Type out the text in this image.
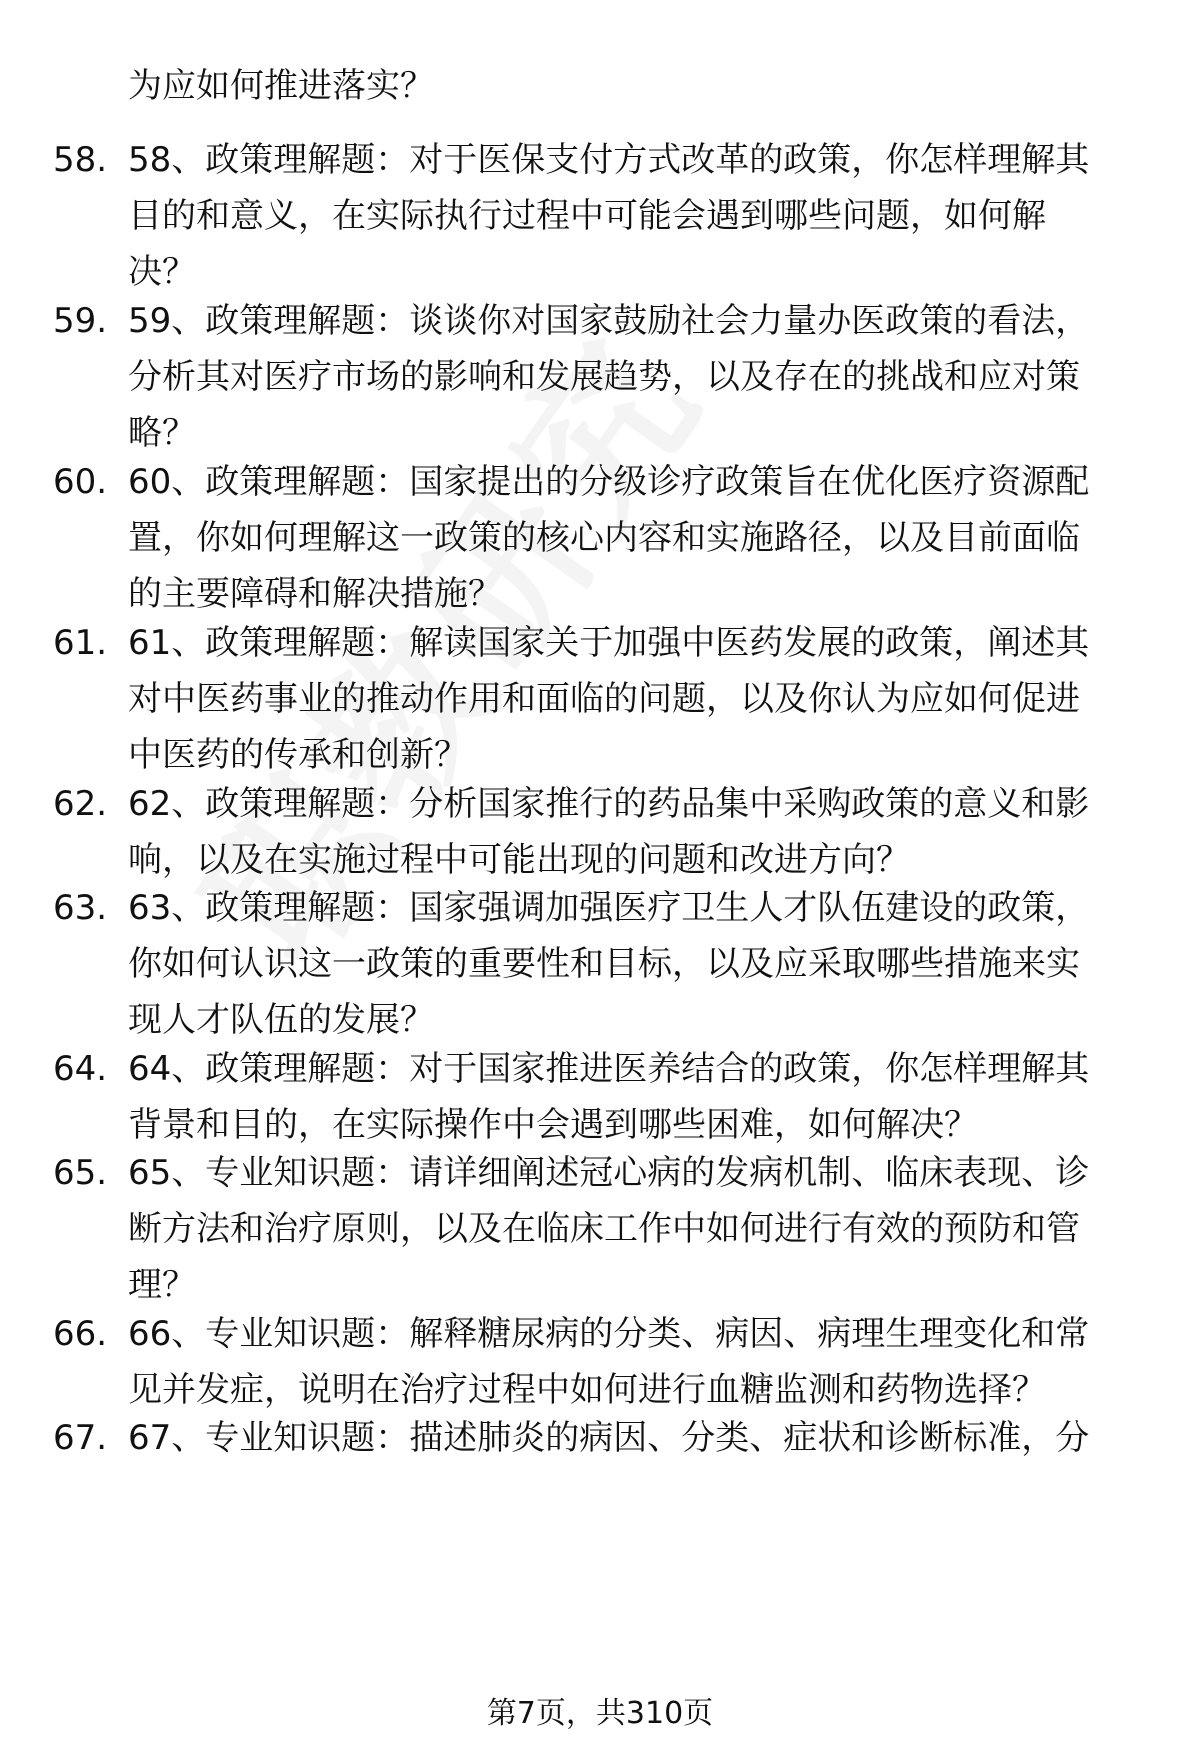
为应如何推进落实？
58. 58、政策理解题：对于医保支付方式改革的政策，你怎样理解其
目的和意义，在实际执行过程中可能会遇到哪些问题，如何解
决？
59. 59、政策理解题：谈谈你对国家鼓励社会力量办医政策的看法，
分析其对医疗市场的影响和发展趋势，以及存在的挑战和应对策
略？
60. 60、政策理解题：国家提出的分级诊疗政策旨在优化医疗资源配
置，你如何理解这一政策的核心内容和实施路径，以及目前面临
的主要障碍和解决措施？
61. 61、政策理解题：解读国家关于加强中医药发展的政策，阐述其
对中医药事业的推动作用和面临的问题，以及你认为应如何促进
中医药的传承和创新？
62. 62、政策理解题：分析国家推行的药品集中采购政策的意义和影
响，以及在实施过程中可能出现的问题和改进方向？
63. 63、政策理解题：国家强调加强医疗卫生人才队伍建设的政策，
你如何认识这一政策的重要性和目标，以及应采取哪些措施来实
现人才队伍的发展？
64. 64、政策理解题：对于国家推进医养结合的政策，你怎样理解其
背景和目的，在实际操作中会遇到哪些困难，如何解决？
65. 65、专业知识题：请详细阐述冠心病的发病机制、临床表现、诊
断方法和治疗原则，以及在临床工作中如何进行有效的预防和管
理？
66. 66、专业知识题：解释糖尿病的分类、病因、病理生理变化和常
见并发症，说明在治疗过程中如何进行血糖监测和药物选择？
67. 67、专业知识题：描述肺炎的病因、分类、症状和诊断标准，分
第7页，共310页
